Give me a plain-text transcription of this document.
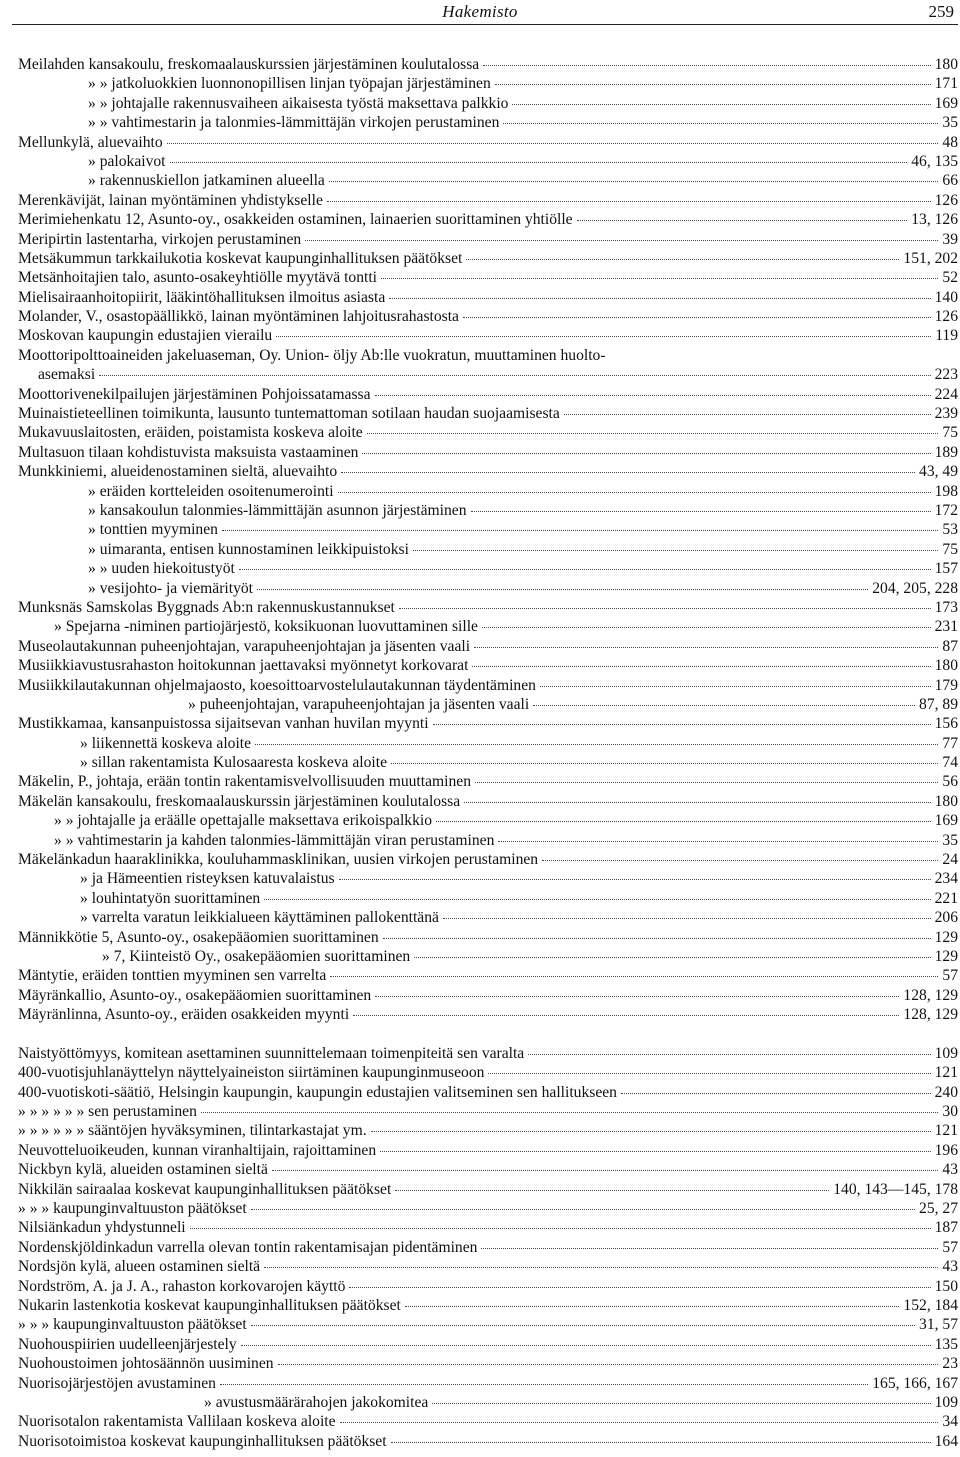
Hakemisto	259
Meilahden kansakoulu, freskomaalauskurssien järjestäminen koulutalossa	180
» » jatkoluokkien luonnonopillisen linjan työpajan järjestäminen	171
» » johtajalle rakennusvaiheen aikaisesta työstä maksettava palkkio	169
» » vahtimestarin ja talonmies-lämmittäjän virkojen perustaminen	35
Mellunkylä, aluevaihto	48
» palokaivot	46, 135
» rakennuskiellon jatkaminen alueella	66
Merenkävijät, lainan myöntäminen yhdistykselle	126
Merimiehenkatu 12, Asunto-oy., osakkeiden ostaminen, lainaerien suorittaminen yhtiölle	13, 126
Meripirtin lastentarha, virkojen perustaminen	39
Metsäkummun tarkkailukotia koskevat kaupunginhallituksen päätökset	151, 202
Metsänhoitajien talo, asunto-osakeyhtiölle myytävä tontti	52
Mielisairaanhoitopiirit, lääkintöhallituksen ilmoitus asiasta	140
Molander, V., osastopäällikkö, lainan myöntäminen lahjoitusrahastosta	126
Moskovan kaupungin edustajien vierailu	119
Moottoripolttoaineiden jakeluaseman, Oy. Union- öljy Ab:lle vuokratun, muuttaminen huolto-
asemaksi	223
Moottorivenekilpailujen järjestäminen Pohjoissatamassa	224
Muinaistieteellinen toimikunta, lausunto tuntemattoman sotilaan haudan suojaamisesta	239
Mukavuuslaitosten, eräiden, poistamista koskeva aloite	75
Multasuon tilaan kohdistuvista maksuista vastaaminen	189
Munkkiniemi, alueidenostaminen sieltä, aluevaihto	43, 49
» eräiden kortteleiden osoitenumerointi	198
» kansakoulun talonmies-lämmittäjän asunnon järjestäminen	172
» tonttien myyminen	53
» uimaranta, entisen kunnostaminen leikkipuistoksi	75
» » uuden hiekoitustyöt	157
» vesijohto- ja viemärityöt	204, 205, 228
Munksnäs Samskolas Byggnads Ab:n rakennuskustannukset	173
» Spejarna -niminen partiojärjestö, koksikuonan luovuttaminen sille	231
Museolautakunnan puheenjohtajan, varapuheenjohtajan ja jäsenten vaali	87
Musiikkiavustusrahaston hoitokunnan jaettavaksi myönnetyt korkovarat	180
Musiikkilautakunnan ohjelmajaosto, koesoittoarvostelulautakunnan täydentäminen	179
» puheenjohtajan, varapuheenjohtajan ja jäsenten vaali	87, 89
Mustikkamaa, kansanpuistossa sijaitsevan vanhan huvilan myynti	156
» liikennettä koskeva aloite	77
» sillan rakentamista Kulosaaresta koskeva aloite	74
Mäkelin, P., johtaja, erään tontin rakentamisvelvollisuuden muuttaminen	56
Mäkelän kansakoulu, freskomaalauskurssin järjestäminen koulutalossa	180
» » johtajalle ja eräälle opettajalle maksettava erikoispalkkio	169
» » vahtimestarin ja kahden talonmies-lämmittäjän viran perustaminen	35
Mäkelänkadun haaraklinikka, kouluhammasklinikan, uusien virkojen perustaminen	24
» ja Hämeentien risteyksen katuvalaistus	234
» louhintatyön suorittaminen	221
» varrelta varatun leikkialueen käyttäminen pallokenttänä	206
Männikkötie 5, Asunto-oy., osakepääomien suorittaminen	129
» 7, Kiinteistö Oy., osakepääomien suorittaminen	129
Mäntytie, eräiden tonttien myyminen sen varrelta	57
Mäyränkallio, Asunto-oy., osakepääomien suorittaminen	128, 129
Mäyränlinna, Asunto-oy., eräiden osakkeiden myynti	128, 129
Naistyöttömyys, komitean asettaminen suunnittelemaan toimenpiteitä sen varalta	109
400-vuotisjuhlanäyttelyn näyttelyaineiston siirtäminen kaupunginmuseoon	121
400-vuotiskoti-säätiö, Helsingin kaupungin, kaupungin edustajien valitseminen sen hallitukseen	240
» » » » » » sen perustaminen	30
» » » » » » sääntöjen hyväksyminen, tilintarkastajat ym.	121
Neuvotteluoikeuden, kunnan viranhaltijain, rajoittaminen	196
Nickbyn kylä, alueiden ostaminen sieltä	43
Nikkilän sairaalaa koskevat kaupunginhallituksen päätökset	140, 143—145, 178
» » » kaupunginvaltuuston päätökset	25, 27
Nilsiänkadun yhdystunneli	187
Nordenskjöldinkadun varrella olevan tontin rakentamisajan pidentäminen	57
Nordsjön kylä, alueen ostaminen sieltä	43
Nordström, A. ja J. A., rahaston korkovarojen käyttö	150
Nukarin lastenkotia koskevat kaupunginhallituksen päätökset	152, 184
» » » kaupunginvaltuuston päätökset	31, 57
Nuohouspiirien uudelleenjärjestely	135
Nuohoustoimen johtosäännön uusiminen	23
Nuorisojärjestöjen avustaminen	165, 166, 167
» avustusmäärärahojen jakokomitea	109
Nuorisotalon rakentamista Vallilaan koskeva aloite	34
Nuorisotoimistoa koskevat kaupunginhallituksen päätökset	164
